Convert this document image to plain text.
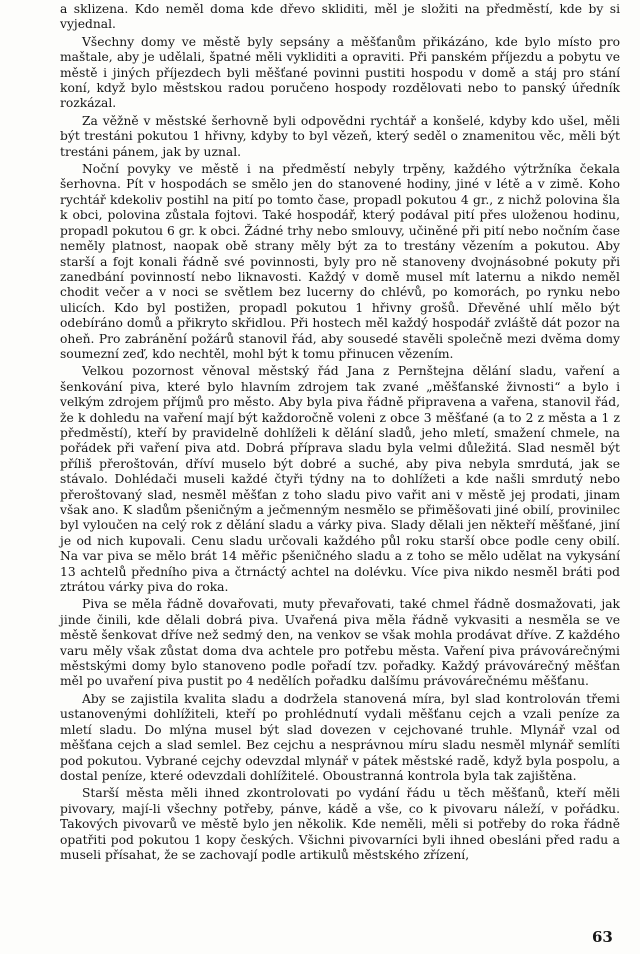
a sklizena. Kdo neměl doma kde dřevo skliditi, měl je složiti na předměstí, kde by si vyjednal.

Všechny domy ve městě byly sepsány a měšťanům přikázáno, kde bylo místo pro maštale, aby je udělali, špatné měli vykliditi a opraviti. Při panském příjezdu a pobytu ve městě i jiných příjezdech byli měšťané povinni pustiti hospodu v domě a stáj pro stání koní, když bylo městskou radou poručeno hospody rozdělovati nebo to panský úředník rozkázal.

Za věžně v městské šerhovně byli odpovědni rychtář a konšelé, kdyby kdo ušel, měli být trestáni pokutou 1 hřivny, kdyby to byl vězeň, který seděl o znamenitou věc, měli být trestáni pánem, jak by uznal.

Noční povyky ve městě i na předměstí nebyly trpěny, každého výtržníka čekala šerhovna. Pít v hospodách se smělo jen do stanovené hodiny, jiné v létě a v zimě. Koho rychtář kdekoliv postihl na pití po tomto čase, propadl pokutou 4 gr., z nichž polovina šla k obci, polovina zůstala fojtovi. Také hospodář, který podával pití přes uloženou hodinu, propadl pokutou 6 gr. k obci. Žádné trhy nebo smlouvy, učiněné při pití nebo nočním čase neměly platnost, naopak obě strany měly být za to trestány vězením a pokutou. Aby starší a fojt konali řádně své povinnosti, byly pro ně stanoveny dvojnásobné pokuty při zanedbání povinností nebo liknavosti. Každý v domě musel mít laternu a nikdo neměl chodit večer a v noci se světlem bez lucerny do chlévů, po komorách, po rynku nebo ulicích. Kdo byl postižen, propadl pokutou 1 hřivny grošů. Dřevěné uhlí mělo být odebíráno domů a přikryto skřidlou. Při hostech měl každý hospodář zvláště dát pozor na oheň. Pro zabránění požárů stanovil řád, aby sousedé stavěli společně mezi dvěma domy soumezní zeď, kdo nechtěl, mohl být k tomu přinucen vězením.

Velkou pozornost věnoval městský řád Jana z Pernštejna dělání sladu, vaření a šenkování piva, které bylo hlavním zdrojem tak zvané „měšťanské živnosti“ a bylo i velkým zdrojem příjmů pro město. Aby byla piva řádně připravena a vařena, stanovil řád, že k dohledu na vaření mají být každoročně voleni z obce 3 měšťané (a to 2 z města a 1 z předměstí), kteří by pravidelně dohlíželi k dělání sladů, jeho mletí, smažení chmele, na pořádek při vaření piva atd. Dobrá příprava sladu byla velmi důležitá. Slad nesměl být příliš přeroštován, dříví muselo být dobré a suché, aby piva nebyla smrdutá, jak se stávalo. Dohlédači museli každé čtyři týdny na to dohlížeti a kde našli smrdutý nebo přeroštovaný slad, nesměl měšťan z toho sladu pivo vařit ani v městě jej prodati, jinam však ano. K sladům pšeničným a ječmenným nesmělo se přiměšovati jiné obilí, provinilec byl vyloučen na celý rok z dělání sladu a várky piva. Slady dělali jen někteří měšťané, jiní je od nich kupovali. Cenu sladu určovali každého půl roku starší obce podle ceny obilí. Na var piva se mělo brát 14 měřic pšeničného sladu a z toho se mělo udělat na vykysání 13 achtelů předního piva a čtrnáctý achtel na dolévku. Více piva nikdo nesměl bráti pod ztrátou várky piva do roka.

Piva se měla řádně dovařovati, muty převařovati, také chmel řádně dosmažovati, jak jinde činili, kde dělali dobrá piva. Uvařená piva měla řádně vykvasiti a nesměla se ve městě šenkovat dříve než sedmý den, na venkov se však mohla prodávat dříve. Z každého varu měly však zůstat doma dva achtele pro potřebu města. Vaření piva právovárečnými městskými domy bylo stanoveno podle pořadí tzv. pořadky. Každý právovárečný měšťan měl po uvaření piva pustit po 4 nedělích pořadku dalšímu právovárečnému měšťanu.

Aby se zajistila kvalita sladu a dodržela stanovená míra, byl slad kontrolován třemi ustanovenými dohlížiteli, kteří po prohlédnutí vydali měšťanu cejch a vzali peníze za mletí sladu. Do mlýna musel být slad dovezen v cejchované truhle. Mlynář vzal od měšťana cejch a slad semlel. Bez cejchu a nesprávnou míru sladu nesměl mlynář semlíti pod pokutou. Vybrané cejchy odevzdal mlynář v pátek městské radě, když byla pospolu, a dostal peníze, které odevzdali dohlížitelé. Oboustranná kontrola byla tak zajištěna.

Starší města měli ihned zkontrolovati po vydání řádu u těch měšťanů, kteří měli pivovary, mají-li všechny potřeby, pánve, kádě a vše, co k pivovaru náleží, v pořádku. Takových pivovarů ve městě bylo jen několik. Kde neměli, měli si potřeby do roka řádně opatřiti pod pokutou 1 kopy českých. Všichni pivovarníci byli ihned obesláni před radu a museli přísahat, že se zachovají podle artikulů městského zřízení,

63
